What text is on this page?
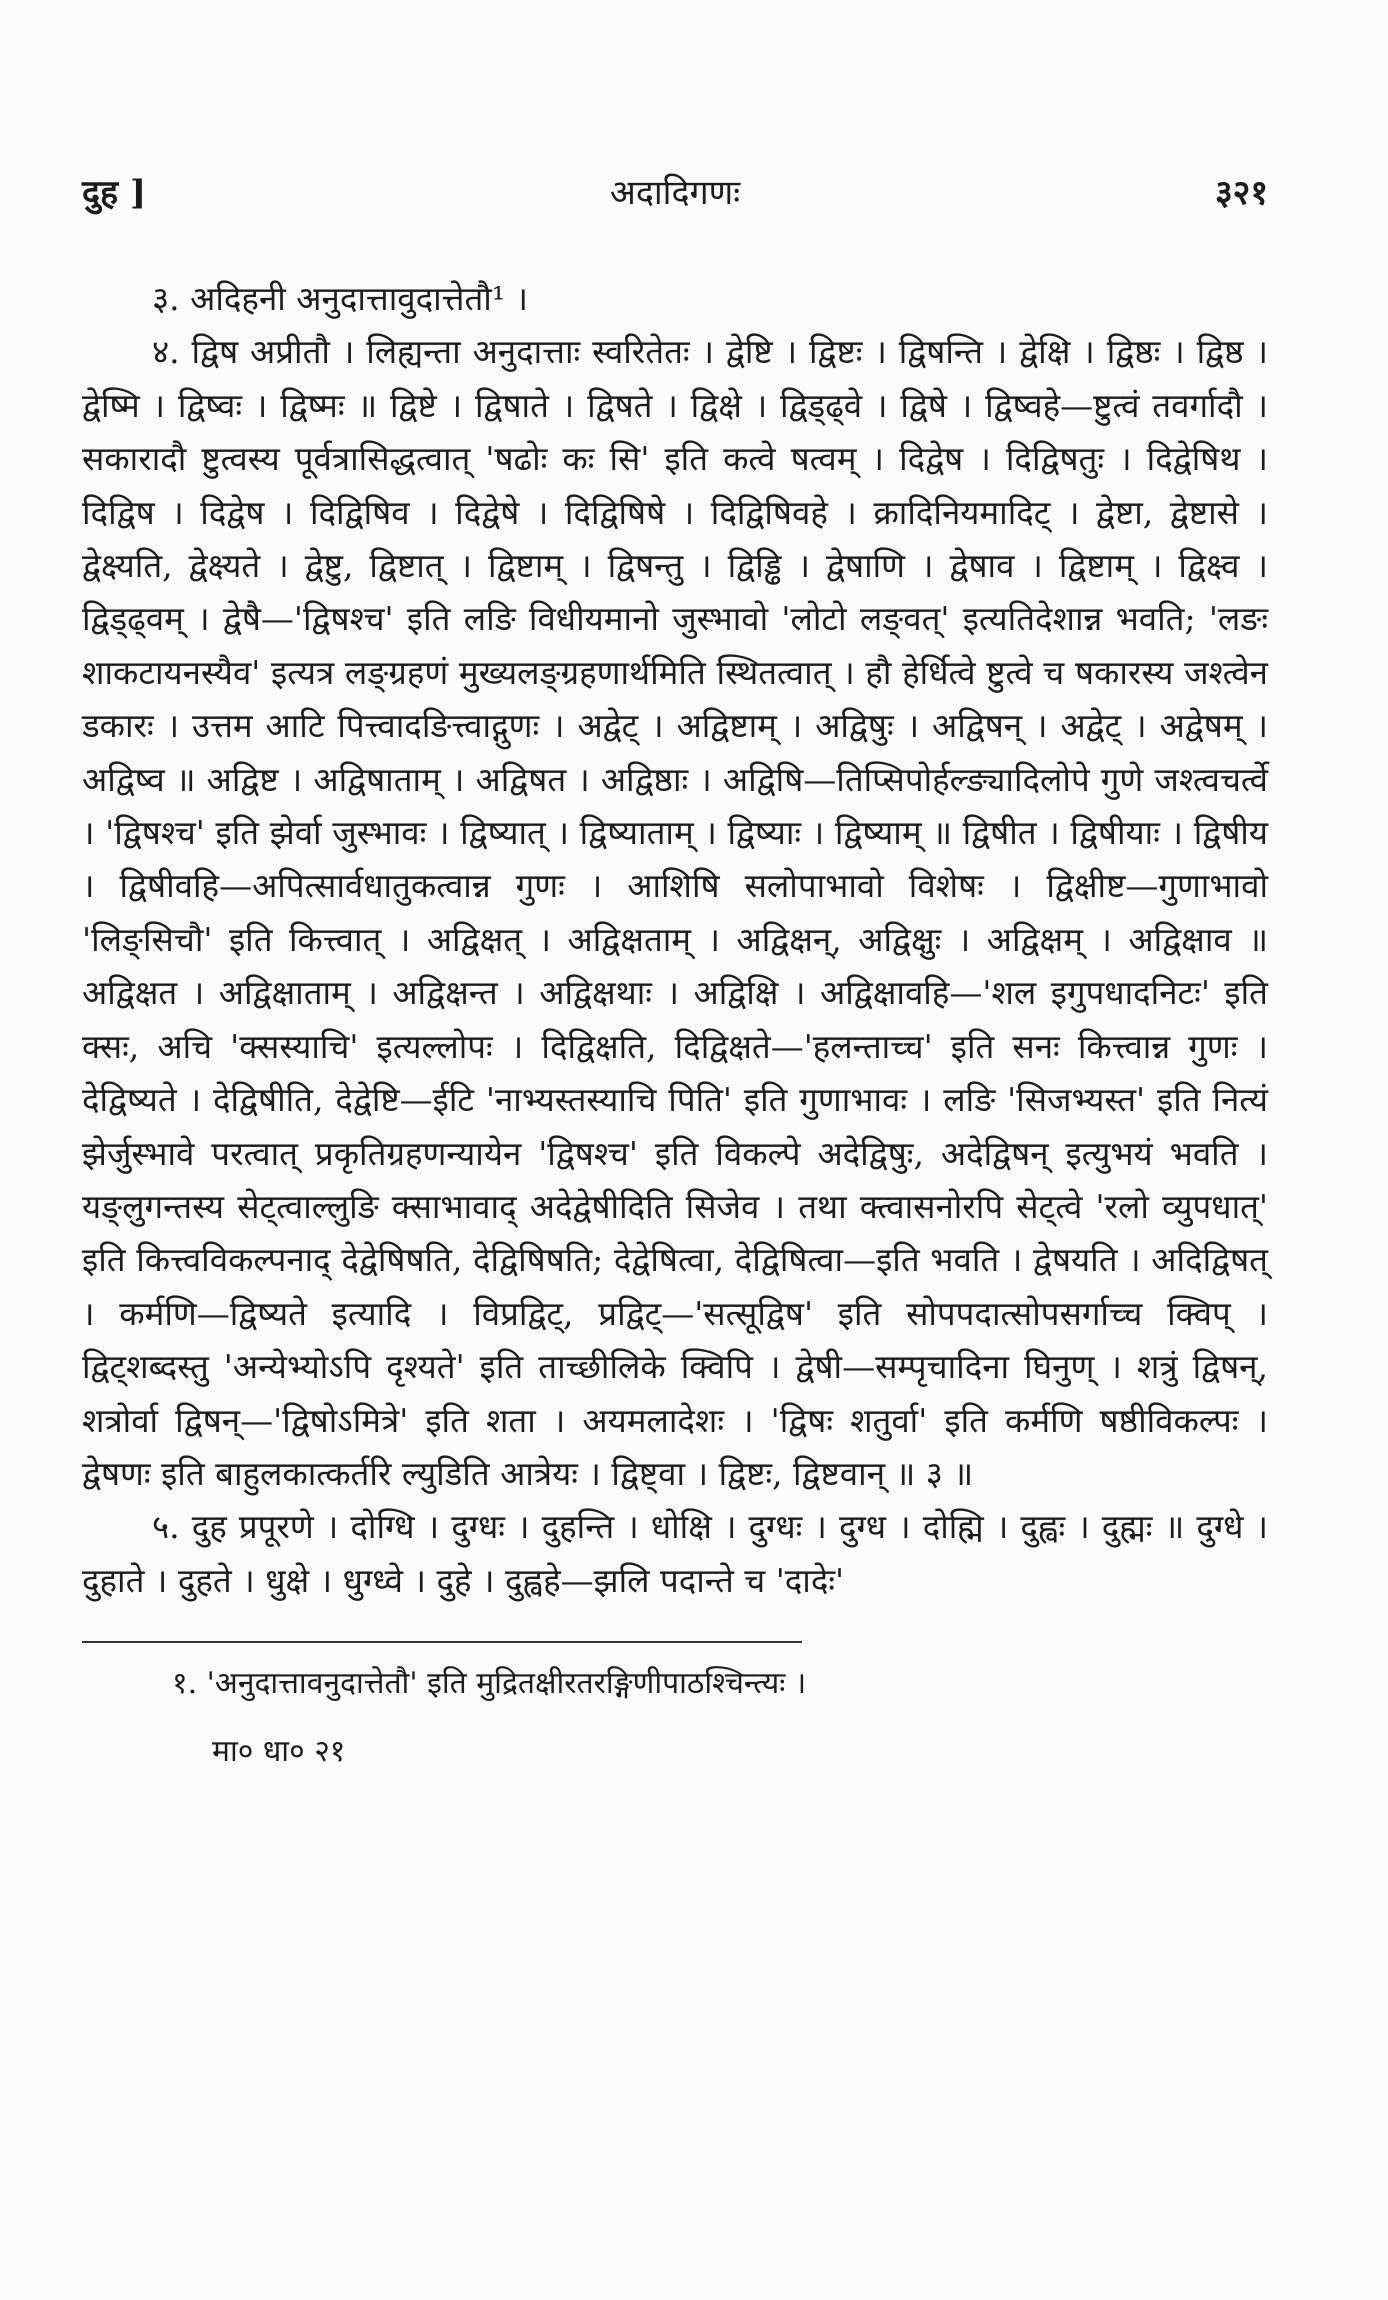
दुह ]	अदादिगणः	३२१

३. अदिहनी अनुदात्तावुदात्तेतौ¹ ।

४. द्विष अप्रीतौ । लिह्यन्ता अनुदात्ताः स्वरितेतः । द्वेष्टि । द्विष्टः । द्विषन्ति । द्वेक्षि । द्विष्ठः । द्विष्ठ । द्वेष्मि । द्विष्वः । द्विष्मः ॥ द्विष्टे । द्विषाते । द्विषते । द्विक्षे । द्विड्ढ्वे । द्विषे । द्विष्वहे—ष्टुत्वं तवर्गादौ । सकारादौ ष्टुत्वस्य पूर्वत्रासिद्धत्वात् 'षढोः कः सि' इति कत्वे षत्वम् । दिद्वेष । दिद्विषतुः । दिद्वेषिथ । दिद्विष । दिद्वेष । दिद्विषिव । दिद्वेषे । दिद्विषिषे । दिद्विषिवहे । क्रादिनियमादिट् । द्वेष्टा, द्वेष्टासे । द्वेक्ष्यति, द्वेक्ष्यते । द्वेष्टु, द्विष्टात् । द्विष्टाम् । द्विषन्तु । द्विड्ढि । द्वेषाणि । द्वेषाव । द्विष्टाम् । द्विक्ष्व । द्विड्ढ्वम् । द्वेषै—'द्विषश्च' इति लङि विधीयमानो जुस्भावो 'लोटो लङ्वत्' इत्यतिदेशान्न भवति; 'लङः शाकटायनस्यैव' इत्यत्र लङ्ग्रहणं मुख्यलङ्ग्रहणार्थमिति स्थितत्वात् । हौ हेर्धित्वे ष्टुत्वे च षकारस्य जश्त्वेन डकारः । उत्तम आटि पित्त्वादङित्त्वाद्गुणः । अद्वेट् । अद्विष्टाम् । अद्विषुः । अद्विषन् । अद्वेट् । अद्वेषम् । अद्विष्व ॥ अद्विष्ट । अद्विषाताम् । अद्विषत । अद्विष्ठाः । अद्विषि—तिप्सिपोर्हल्ङ्यादिलोपे गुणे जश्त्वचर्त्वे । 'द्विषश्च' इति झेर्वा जुस्भावः । द्विष्यात् । द्विष्याताम् । द्विष्याः । द्विष्याम् ॥ द्विषीत । द्विषीयाः । द्विषीय । द्विषीवहि—अपित्सार्वधातुकत्वान्न गुणः । आशिषि सलोपाभावो विशेषः । द्विक्षीष्ट—गुणाभावो 'लिङ्सिचौ' इति कित्त्वात् । अद्विक्षत् । अद्विक्षताम् । अद्विक्षन्, अद्विक्षुः । अद्विक्षम् । अद्विक्षाव ॥ अद्विक्षत । अद्विक्षाताम् । अद्विक्षन्त । अद्विक्षथाः । अद्विक्षि । अद्विक्षावहि—'शल इगुपधादनिटः' इति क्सः, अचि 'क्सस्याचि' इत्यल्लोपः । दिद्विक्षति, दिद्विक्षते—'हलन्ताच्च' इति सनः कित्त्वान्न गुणः । देद्विष्यते । देद्विषीति, देद्वेष्टि—ईटि 'नाभ्यस्तस्याचि पिति' इति गुणाभावः । लङि 'सिजभ्यस्त' इति नित्यं झेर्जुस्भावे परत्वात् प्रकृतिग्रहणन्यायेन 'द्विषश्च' इति विकल्पे अदेद्विषुः, अदेद्विषन् इत्युभयं भवति । यङ्लुगन्तस्य सेट्त्वाल्लुङि क्साभावाद् अदेद्वेषीदिति सिजेव । तथा क्त्वासनोरपि सेट्त्वे 'रलो व्युपधात्' इति कित्त्वविकल्पनाद् देद्वेषिषति, देद्विषिषति; देद्वेषित्वा, देद्विषित्वा—इति भवति । द्वेषयति । अदिद्विषत् । कर्मणि—द्विष्यते इत्यादि । विप्रद्विट्, प्रद्विट्—'सत्सूद्विष' इति सोपपदात्सोपसर्गाच्च क्विप् । द्विट्शब्दस्तु 'अन्येभ्योऽपि दृश्यते' इति ताच्छीलिके क्विपि । द्वेषी—सम्पृचादिना घिनुण् । शत्रुं द्विषन्, शत्रोर्वा द्विषन्—'द्विषोऽमित्रे' इति शता । अयमलादेशः । 'द्विषः शतुर्वा' इति कर्मणि षष्ठीविकल्पः । द्वेषणः इति बाहुलकात्कर्तरि ल्युडिति आत्रेयः । द्विष्ट्वा । द्विष्टः, द्विष्टवान् ॥ ३ ॥

५. दुह प्रपूरणे । दोग्धि । दुग्धः । दुहन्ति । धोक्षि । दुग्धः । दुग्ध । दोह्मि । दुह्वः । दुह्मः ॥ दुग्धे । दुहाते । दुहते । धुक्षे । धुग्ध्वे । दुहे । दुह्वहे—झलि पदान्ते च 'दादेः'

१. 'अनुदात्तावनुदात्तेतौ' इति मुद्रितक्षीरतरङ्गिणीपाठश्चिन्त्यः ।
मा० धा० २१
